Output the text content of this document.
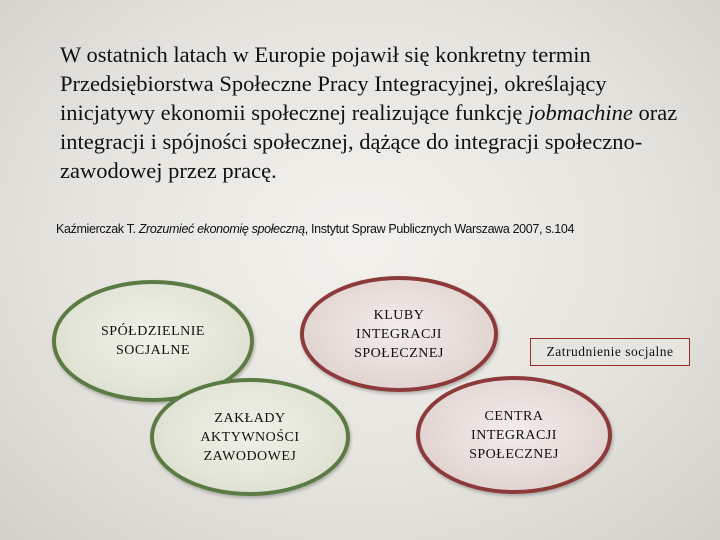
W ostatnich latach w Europie pojawił się konkretny termin Przedsiębiorstwa Społeczne Pracy Integracyjnej, określający inicjatywy ekonomii społecznej realizujące funkcję jobmachine oraz integracji i spójności społecznej, dążące do integracji społeczno-zawodowej przez pracę.

Kaźmierczak T. Zrozumieć ekonomię społeczną, Instytut Spraw Publicznych Warszawa 2007, s.104

SPÓŁDZIELNIE
SOCJALNE
KLUBY
INTEGRACJI
SPOŁECZNEJ
ZAKŁADY
AKTYWNOŚCI
ZAWODOWEJ
CENTRA
INTEGRACJI
SPOŁECZNEJ
Zatrudnienie socjalne
